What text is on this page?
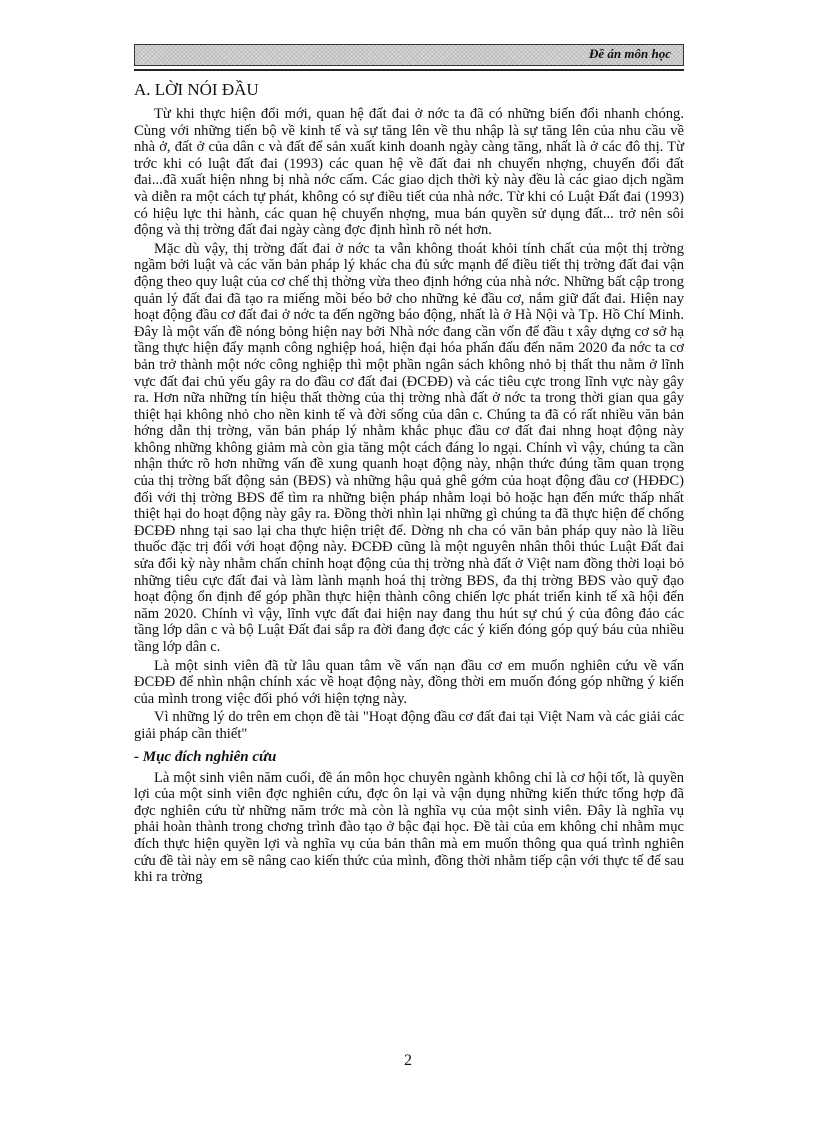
Đề án môn học
A. LỜI NÓI ĐẦU

Từ khi thực hiện đổi mới, quan hệ đất đai ở nớc ta đã có những biến đổi nhanh chóng. Cùng với những tiến bộ về kinh tế và sự tăng lên về thu nhập là sự tăng lên của nhu cầu về nhà ở, đất ở của dân c và đất để sản xuất kinh doanh ngày càng tăng, nhất là ở các đô thị. Từ trớc khi có luật đất đai (1993) các quan hệ về đất đai nh chuyển nhợng, chuyển đổi đất đai...đã xuất hiện nhng bị nhà nớc cấm. Các giao dịch thời kỳ này đều là các giao dịch ngầm và diễn ra một cách tự phát, không có sự điều tiết của nhà nớc. Từ khi có Luật Đất đai (1993) có hiệu lực thi hành, các quan hệ chuyển nhợng, mua bán quyền sử dụng đất... trở nên sôi động và thị trờng đất đai ngày càng đợc định hình rõ nét hơn.

Mặc dù vậy, thị trờng đất đai ở nớc ta vẫn không thoát khỏi tính chất của một thị trờng ngầm bởi luật và các văn bản pháp lý khác cha đủ sức mạnh để điều tiết thị trờng đất đai vận động theo quy luật của cơ chế thị thờng vừa theo định hớng của nhà nớc. Những bất cập trong quản lý đất đai đã tạo ra miếng mồi béo bở cho những kẻ đầu cơ, nắm giữ đất đai. Hiện nay hoạt động đầu cơ đất đai ở nớc ta đến ngỡng báo động, nhất là ở Hà Nội và Tp. Hồ Chí Minh. Đây là một vấn đề nóng bỏng hiện nay bởi Nhà nớc đang cần vốn để đầu t xây dựng cơ sở hạ tầng thực hiện đẩy mạnh công nghiệp hoá, hiện đại hóa phấn đấu đến năm 2020 đa nớc ta cơ bản trở thành một nớc công nghiệp thì một phần ngân sách không nhỏ bị thất thu nằm ở lĩnh vực đất đai chủ yếu gây ra do đầu cơ đất đai (ĐCĐĐ) và các tiêu cực trong lĩnh vực này gây ra. Hơn nữa những tín hiệu thất thờng của thị trờng nhà đất ở nớc ta trong thời gian qua gây thiệt hại không nhỏ cho nền kinh tế và đời sống của dân c. Chúng ta đã có rất nhiều văn bản hớng dẫn thị trờng, văn bản pháp lý nhằm khắc phục đầu cơ đất đai nhng hoạt động này không những không giảm mà còn gia tăng một cách đáng lo ngại. Chính vì vậy, chúng ta cần nhận thức rõ hơn những vấn đề xung quanh hoạt động này, nhận thức đúng tầm quan trọng của thị trờng bất động sản (BĐS) và những hậu quả ghê gớm của hoạt động đầu cơ (HĐĐC) đối với thị trờng BĐS để tìm ra những biện pháp nhằm loại bỏ hoặc hạn đến mức thấp nhất thiệt hại do hoạt động này gây ra. Đồng thời nhìn lại những gì chúng ta đã thực hiện để chống ĐCĐĐ nhng tại sao lại cha thực hiện triệt để. Dờng nh cha có văn bản pháp quy nào là liều thuốc đặc trị đối với hoạt động này. ĐCĐĐ cũng là một nguyên nhân thôi thúc Luật Đất đai sửa đổi kỳ này nhằm chấn chỉnh hoạt động của thị trờng nhà đất ở Việt nam đồng thời loại bỏ những tiêu cực đất đai và làm lành mạnh hoá thị trờng BĐS, đa thị trờng BĐS vào quỹ đạo hoạt động ổn định để góp phần thực hiện thành công chiến lợc phát triển kinh tế xã hội đến năm 2020. Chính vì vậy, lĩnh vực đất đai hiện nay đang thu hút sự chú ý của đông đảo các tầng lớp dân c và bộ Luật Đất đai sắp ra đời đang đợc các ý kiến đóng góp quý báu của nhiều tầng lớp dân c.

Là một sinh viên đã từ lâu quan tâm về vấn nạn đầu cơ em muốn nghiên cứu về vấn ĐCĐĐ để nhìn nhận chính xác về hoạt động này, đồng thời em muốn đóng góp những ý kiến của mình trong việc đối phó với hiện tợng này.

Vì những lý do trên em chọn đề tài "Hoạt động đầu cơ đất đai tại Việt Nam và các giải các giải pháp cần thiết"

- Mục đích nghiên cứu

Là một sinh viên năm cuối, đề án môn học chuyên ngành không chỉ là cơ hội tốt, là quyền lợi của một sinh viên đợc nghiên cứu, đợc ôn lại và vận dụng những kiến thức tổng hợp đã đợc nghiên cứu từ những năm trớc mà còn là nghĩa vụ của một sinh viên. Đây là nghĩa vụ phải hoàn thành trong chơng trình đào tạo ở bậc đại học. Đề tài của em không chỉ nhằm mục đích thực hiện quyền lợi và nghĩa vụ của bản thân mà em muốn thông qua quá trình nghiên cứu đề tài này em sẽ nâng cao kiến thức của mình, đồng thời nhằm tiếp cận với thực tế để sau khi ra trờng

2
